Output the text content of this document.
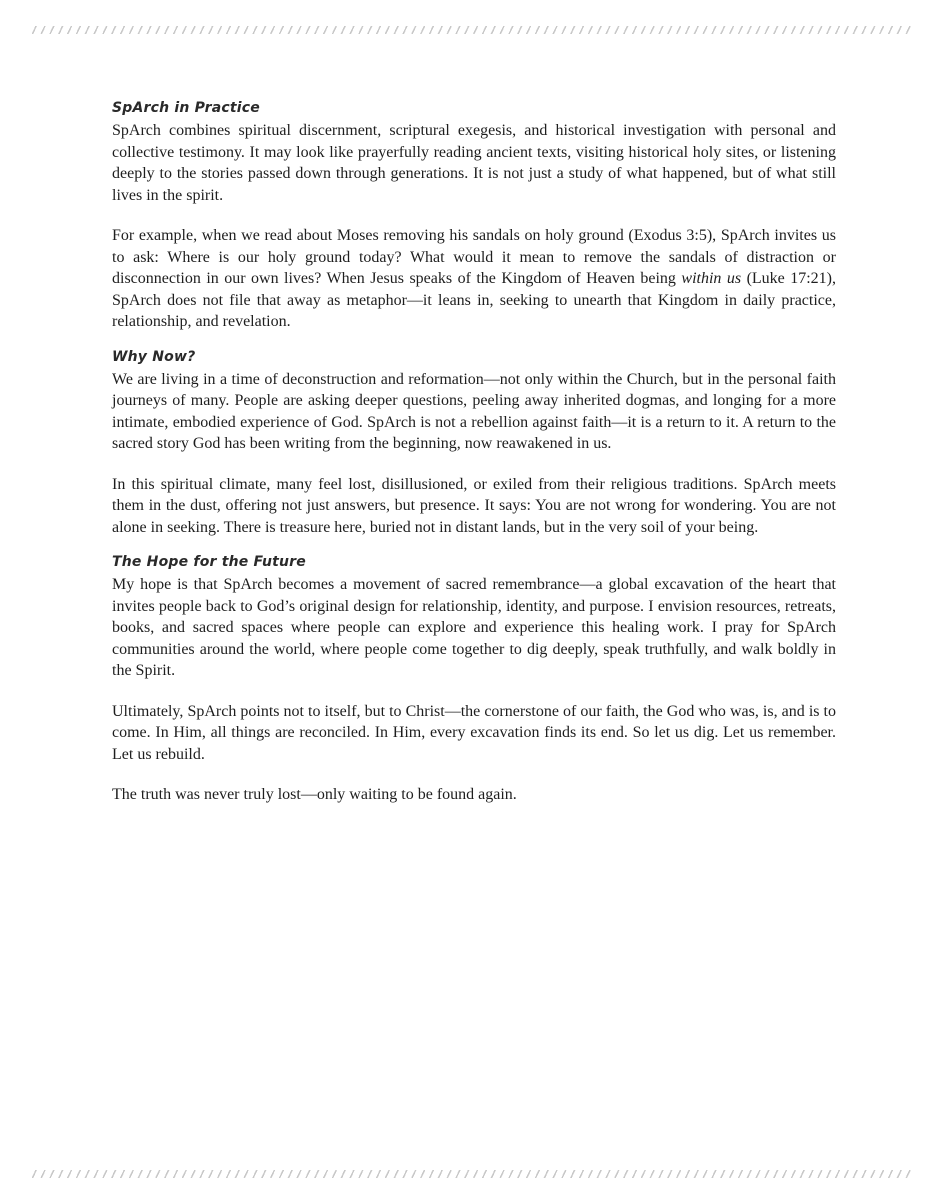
SpArch in Practice

SpArch combines spiritual discernment, scriptural exegesis, and historical investigation with personal and collective testimony. It may look like prayerfully reading ancient texts, visiting historical holy sites, or listening deeply to the stories passed down through generations. It is not just a study of what happened, but of what still lives in the spirit.

For example, when we read about Moses removing his sandals on holy ground (Exodus 3:5), SpArch invites us to ask: Where is our holy ground today? What would it mean to remove the sandals of distraction or disconnection in our own lives? When Jesus speaks of the Kingdom of Heaven being within us (Luke 17:21), SpArch does not file that away as metaphor—it leans in, seeking to unearth that Kingdom in daily practice, relationship, and revelation.

Why Now?

We are living in a time of deconstruction and reformation—not only within the Church, but in the personal faith journeys of many. People are asking deeper questions, peeling away inherited dogmas, and longing for a more intimate, embodied experience of God. SpArch is not a rebellion against faith—it is a return to it. A return to the sacred story God has been writing from the beginning, now reawakened in us.

In this spiritual climate, many feel lost, disillusioned, or exiled from their religious traditions. SpArch meets them in the dust, offering not just answers, but presence. It says: You are not wrong for wondering. You are not alone in seeking. There is treasure here, buried not in distant lands, but in the very soil of your being.

The Hope for the Future

My hope is that SpArch becomes a movement of sacred remembrance—a global excavation of the heart that invites people back to God’s original design for relationship, identity, and purpose. I envision resources, retreats, books, and sacred spaces where people can explore and experience this healing work. I pray for SpArch communities around the world, where people come together to dig deeply, speak truthfully, and walk boldly in the Spirit.

Ultimately, SpArch points not to itself, but to Christ—the cornerstone of our faith, the God who was, is, and is to come. In Him, all things are reconciled. In Him, every excavation finds its end. So let us dig. Let us remember. Let us rebuild.

The truth was never truly lost—only waiting to be found again.
